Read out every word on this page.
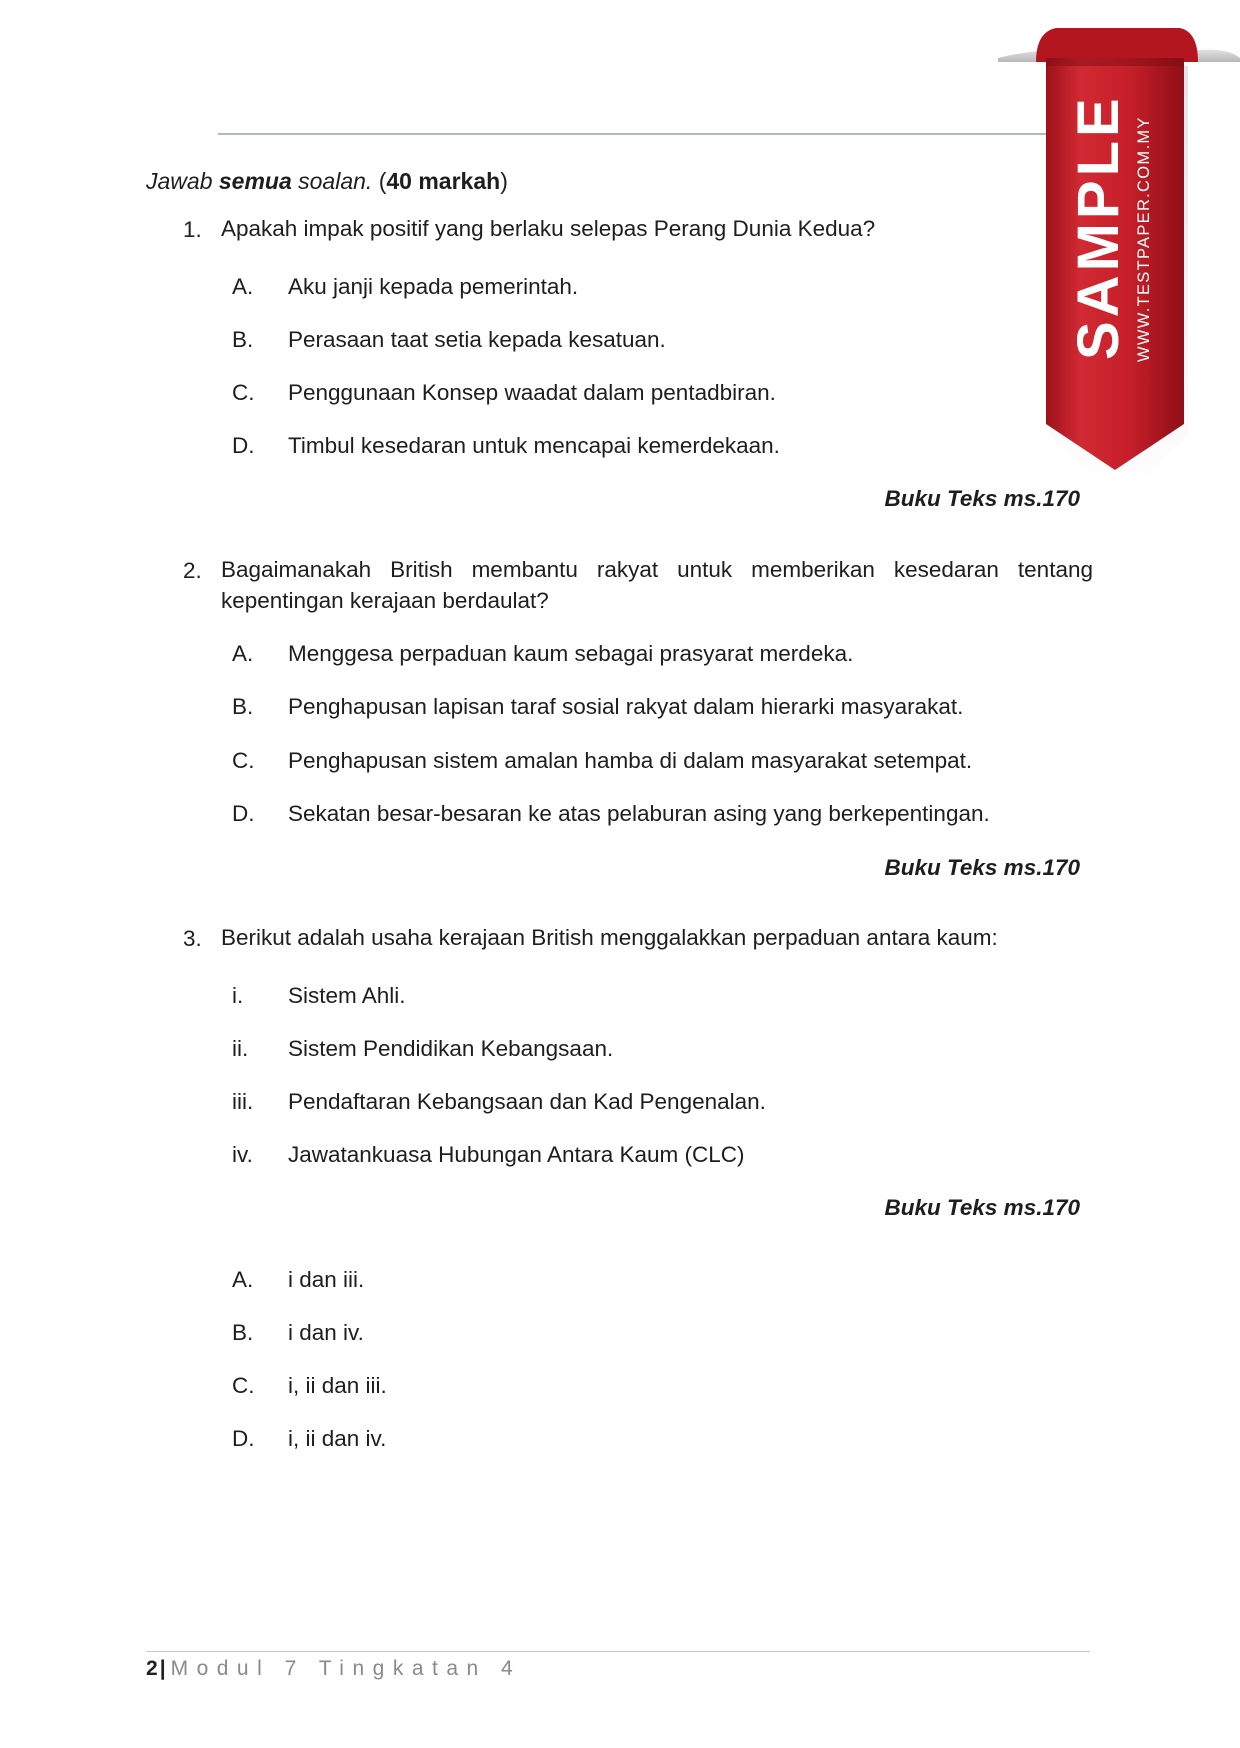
Jawab semua soalan. (40 markah)
1. Apakah impak positif yang berlaku selepas Perang Dunia Kedua?
A. Aku janji kepada pemerintah.
B. Perasaan taat setia kepada kesatuan.
C. Penggunaan Konsep waadat dalam pentadbiran.
D. Timbul kesedaran untuk mencapai kemerdekaan.
Buku Teks ms.170
2. Bagaimanakah British membantu rakyat untuk memberikan kesedaran tentang
kepentingan kerajaan berdaulat?
A. Menggesa perpaduan kaum sebagai prasyarat merdeka.
B. Penghapusan lapisan taraf sosial rakyat dalam hierarki masyarakat.
C. Penghapusan sistem amalan hamba di dalam masyarakat setempat.
D. Sekatan besar-besaran ke atas pelaburan asing yang berkepentingan.
Buku Teks ms.170
3. Berikut adalah usaha kerajaan British menggalakkan perpaduan antara kaum:
i. Sistem Ahli.
ii. Sistem Pendidikan Kebangsaan.
iii. Pendaftaran Kebangsaan dan Kad Pengenalan.
iv. Jawatankuasa Hubungan Antara Kaum (CLC)
Buku Teks ms.170
A. i dan iii.
B. i dan iv.
C. i, ii dan iii.
D. i, ii dan iv.
2 | Modul 7 Tingkatan 4
SAMPLE WWW.TESTPAPER.COM.MY
